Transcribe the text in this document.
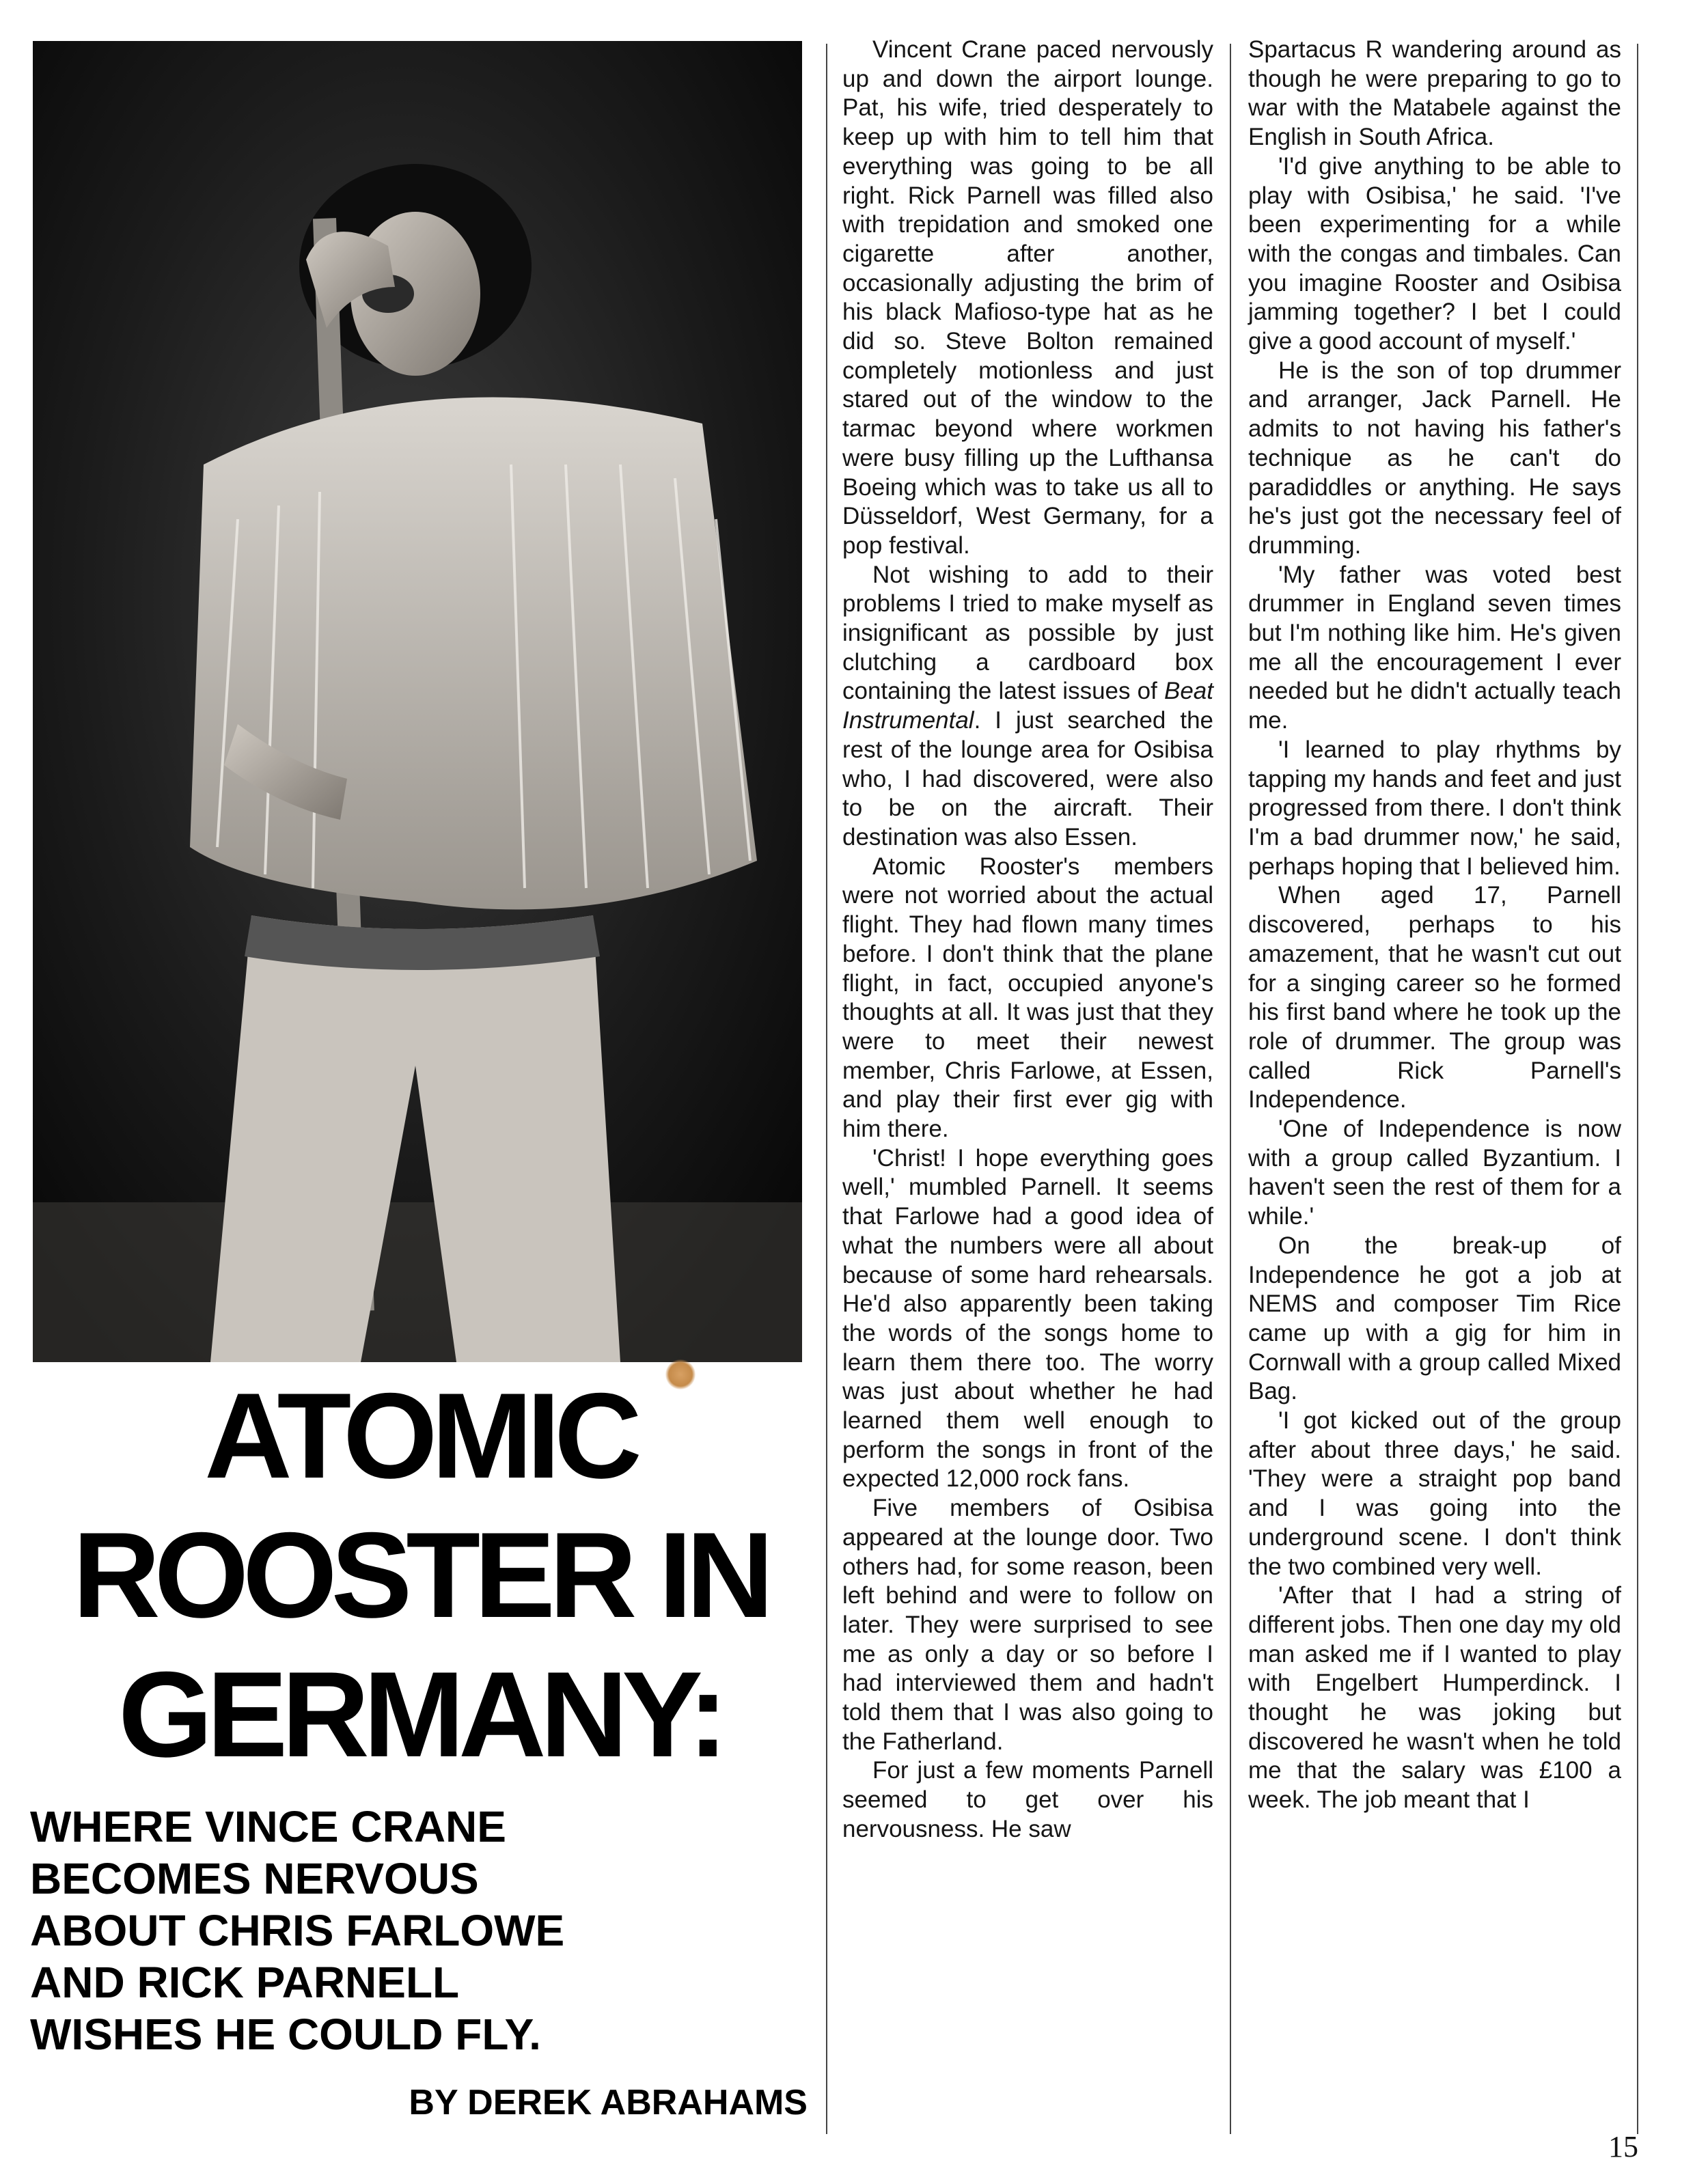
ATOMIC
ROOSTER IN
GERMANY:
WHERE VINCE CRANE
BECOMES NERVOUS
ABOUT CHRIS FARLOWE
AND RICK PARNELL
WISHES HE COULD FLY.
BY DEREK ABRAHAMS

Vincent Crane paced nervously up and down the airport lounge. Pat, his wife, tried desperately to keep up with him to tell him that everything was going to be all right. Rick Parnell was filled also with trepidation and smoked one cigarette after another, occasionally adjusting the brim of his black Mafioso-type hat as he did so. Steve Bolton remained completely motionless and just stared out of the window to the tarmac beyond where workmen were busy filling up the Lufthansa Boeing which was to take us all to Düsseldorf, West Germany, for a pop festival.

Not wishing to add to their problems I tried to make myself as insignificant as possible by just clutching a cardboard box containing the latest issues of Beat Instrumental. I just searched the rest of the lounge area for Osibisa who, I had discovered, were also to be on the aircraft. Their destination was also Essen.

Atomic Rooster's members were not worried about the actual flight. They had flown many times before. I don't think that the plane flight, in fact, occupied anyone's thoughts at all. It was just that they were to meet their newest member, Chris Farlowe, at Essen, and play their first ever gig with him there.

'Christ! I hope everything goes well,' mumbled Parnell. It seems that Farlowe had a good idea of what the numbers were all about because of some hard rehearsals. He'd also apparently been taking the words of the songs home to learn them there too. The worry was just about whether he had learned them well enough to perform the songs in front of the expected 12,000 rock fans.

Five members of Osibisa appeared at the lounge door. Two others had, for some reason, been left behind and were to follow on later. They were surprised to see me as only a day or so before I had interviewed them and hadn't told them that I was also going to the Fatherland.

For just a few moments Parnell seemed to get over his nervousness. He saw

Spartacus R wandering around as though he were preparing to go to war with the Matabele against the English in South Africa.

'I'd give anything to be able to play with Osibisa,' he said. 'I've been experimenting for a while with the congas and timbales. Can you imagine Rooster and Osibisa jamming together? I bet I could give a good account of myself.'

He is the son of top drummer and arranger, Jack Parnell. He admits to not having his father's technique as he can't do paradiddles or anything. He says he's just got the necessary feel of drumming.

'My father was voted best drummer in England seven times but I'm nothing like him. He's given me all the encouragement I ever needed but he didn't actually teach me.

'I learned to play rhythms by tapping my hands and feet and just progressed from there. I don't think I'm a bad drummer now,' he said, perhaps hoping that I believed him.

When aged 17, Parnell discovered, perhaps to his amazement, that he wasn't cut out for a singing career so he formed his first band where he took up the role of drummer. The group was called Rick Parnell's Independence.

'One of Independence is now with a group called Byzantium. I haven't seen the rest of them for a while.'

On the break-up of Independence he got a job at NEMS and composer Tim Rice came up with a gig for him in Cornwall with a group called Mixed Bag.

'I got kicked out of the group after about three days,' he said. 'They were a straight pop band and I was going into the underground scene. I don't think the two combined very well.

'After that I had a string of different jobs. Then one day my old man asked me if I wanted to play with Engelbert Humperdinck. I thought he was joking but discovered he wasn't when he told me that the salary was £100 a week. The job meant that I

15
